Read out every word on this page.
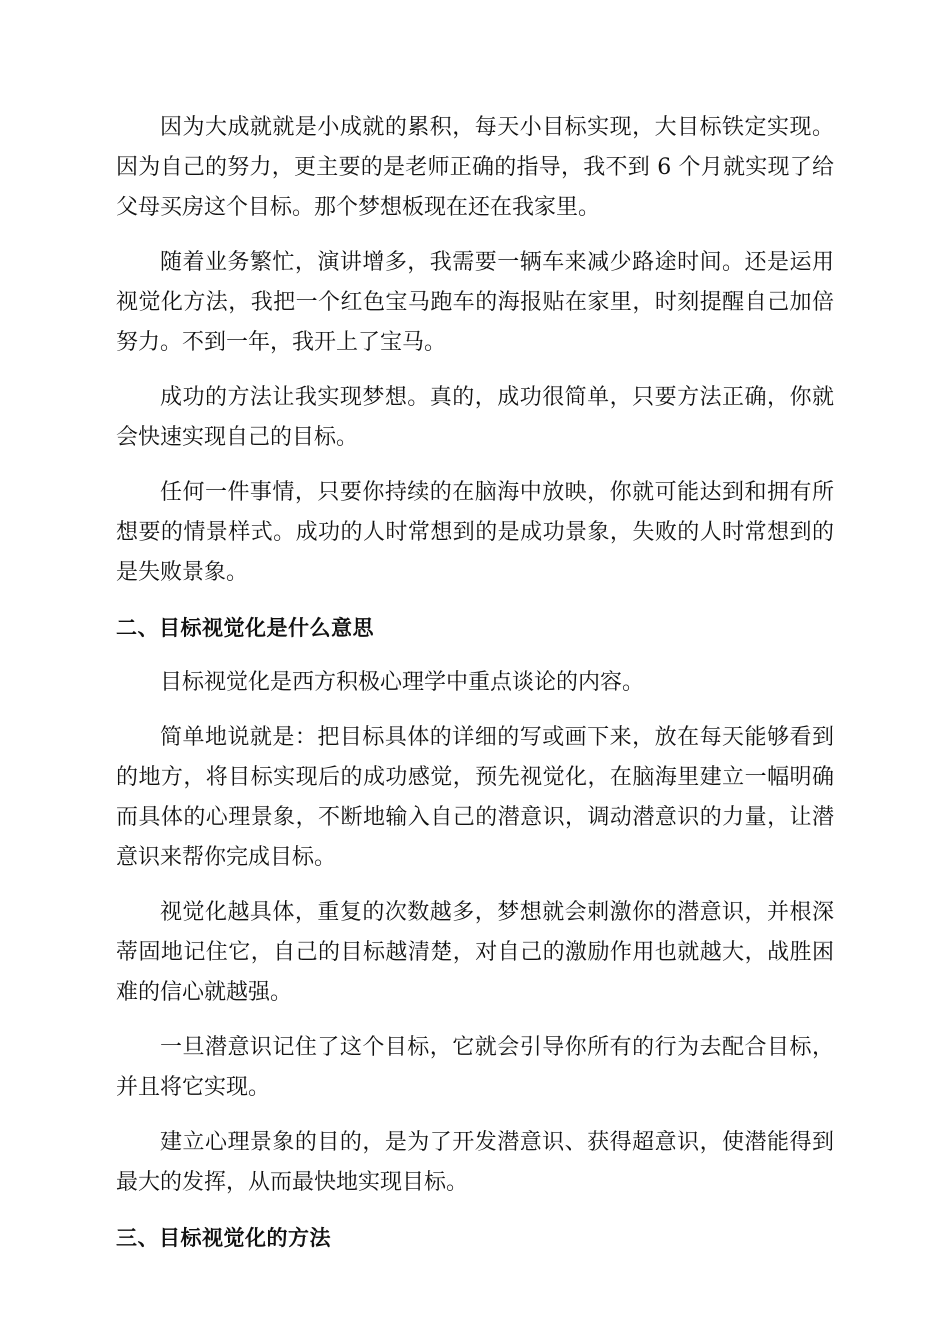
因为大成就就是小成就的累积，每天小目标实现，大目标铁定实现。因为自己的努力，更主要的是老师正确的指导，我不到 6 个月就实现了给父母买房这个目标。那个梦想板现在还在我家里。

随着业务繁忙，演讲增多，我需要一辆车来减少路途时间。还是运用视觉化方法，我把一个红色宝马跑车的海报贴在家里，时刻提醒自己加倍努力。不到一年，我开上了宝马。

成功的方法让我实现梦想。真的，成功很简单，只要方法正确，你就会快速实现自己的目标。

任何一件事情，只要你持续的在脑海中放映，你就可能达到和拥有所想要的情景样式。成功的人时常想到的是成功景象，失败的人时常想到的是失败景象。

二、目标视觉化是什么意思

目标视觉化是西方积极心理学中重点谈论的内容。

简单地说就是：把目标具体的详细的写或画下来，放在每天能够看到的地方，将目标实现后的成功感觉，预先视觉化，在脑海里建立一幅明确而具体的心理景象，不断地输入自己的潜意识，调动潜意识的力量，让潜意识来帮你完成目标。

视觉化越具体，重复的次数越多，梦想就会刺激你的潜意识，并根深蒂固地记住它，自己的目标越清楚，对自己的激励作用也就越大，战胜困难的信心就越强。

一旦潜意识记住了这个目标，它就会引导你所有的行为去配合目标，并且将它实现。

建立心理景象的目的，是为了开发潜意识、获得超意识，使潜能得到最大的发挥，从而最快地实现目标。

三、目标视觉化的方法
